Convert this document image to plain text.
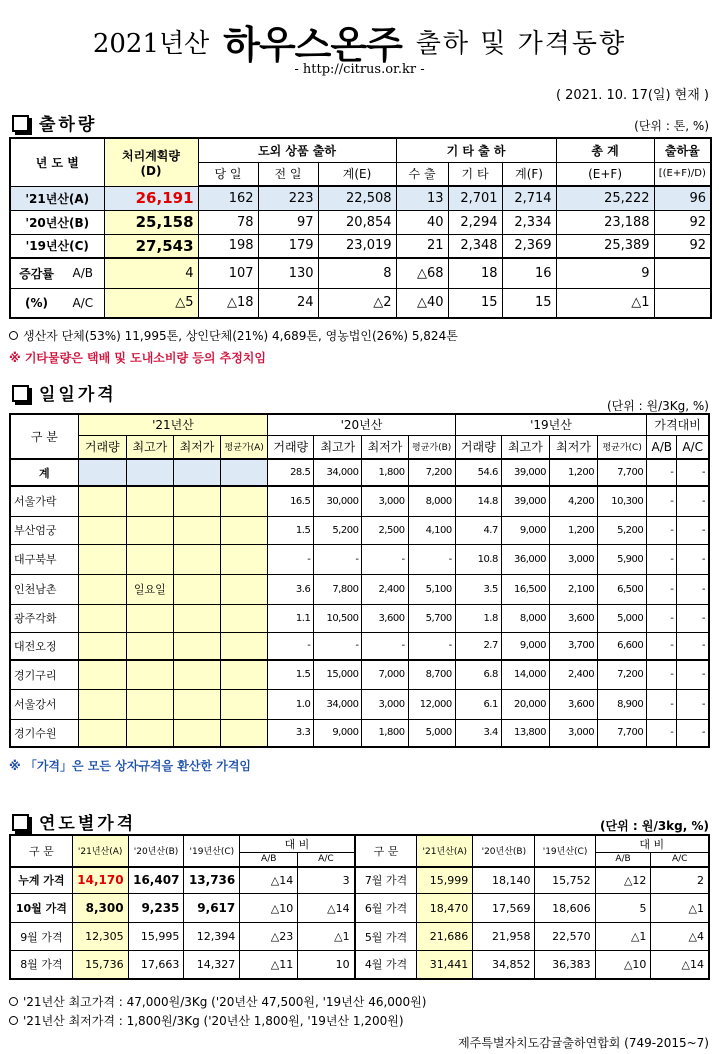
2021년산 하우스온주 출하 및 가격동향
- http://citrus.or.kr -
( 2021. 10. 17(일) 현재 )
출하량	(단위 : 톤, %)
년 도 별		처리계획량
(D)	도외 상품 출하			기 타 출 하			총 계	출하율
			당 일	전 일	계(E)	수 출	기 타	계(F)	(E+F)	[(E+F)/D)
'21년산(A)		26,191	162	223	22,508	13	2,701	2,714	25,222	96
'20년산(B)		25,158	78	97	20,854	40	2,294	2,334	23,188	92
'19년산(C)		27,543	198	179	23,019	21	2,348	2,369	25,389	92
증감률	A/B	4	107	130	8	△68	18	16	9	
(%)	A/C	△5	△18	24	△2	△40	15	15	△1	
생산자 단체(53%) 11,995톤, 상인단체(21%) 4,689톤, 영농법인(26%) 5,824톤
※ 기타물량은 택배 및 도내소비량 등의 추정치임
일일가격
(단위 : 원/3Kg, %)
구 분	'21년산				'20년산				'19년산				가격대비	
	거래량	최고가	최저가	평균가(A)	거래량	최고가	최저가	평균가(B)	거래량	최고가	최저가	평균가(C)	A/B	A/C
계					28.5	34,000	1,800	7,200	54.6	39,000	1,200	7,700	-	-
서울가락					16.5	30,000	3,000	8,000	14.8	39,000	4,200	10,300	-	-
부산엄궁					1.5	5,200	2,500	4,100	4.7	9,000	1,200	5,200	-	-
대구북부					-	-	-	-	10.8	36,000	3,000	5,900	-	-
인천남촌		일요일			3.6	7,800	2,400	5,100	3.5	16,500	2,100	6,500	-	-
광주각화					1.1	10,500	3,600	5,700	1.8	8,000	3,600	5,000	-	-
대전오정					-	-	-	-	2.7	9,000	3,700	6,600	-	-
경기구리					1.5	15,000	7,000	8,700	6.8	14,000	2,400	7,200	-	-
서울강서					1.0	34,000	3,000	12,000	6.1	20,000	3,600	8,900	-	-
경기수원					3.3	9,000	1,800	5,000	3.4	13,800	3,000	7,700	-	-
※ 「가격」은 모든 상자규격을 환산한 가격임
연도별가격	(단위 : 원/3kg, %)
구 문	'21년산(A)	'20년산(B)	'19년산(C)	대 비		구 문	'21년산(A)	'20년산(B)	'19년산(C)	대 비	
				A/B	A/C					A/B	A/C
누계 가격	14,170	16,407	13,736	△14	3	7월 가격	15,999	18,140	15,752	△12	2
10월 가격	8,300	9,235	9,617	△10	△14	6월 가격	18,470	17,569	18,606	5	△1
9월 가격	12,305	15,995	12,394	△23	△1	5월 가격	21,686	21,958	22,570	△1	△4
8월 가격	15,736	17,663	14,327	△11	10	4월 가격	31,441	34,852	36,383	△10	△14
'21년산 최고가격 : 47,000원/3Kg ('20년산 47,500원, '19년산 46,000원)
'21년산 최저가격 : 1,800원/3Kg ('20년산 1,800원, '19년산 1,200원)
제주특별자치도감귤출하연합회 (749-2015~7)
